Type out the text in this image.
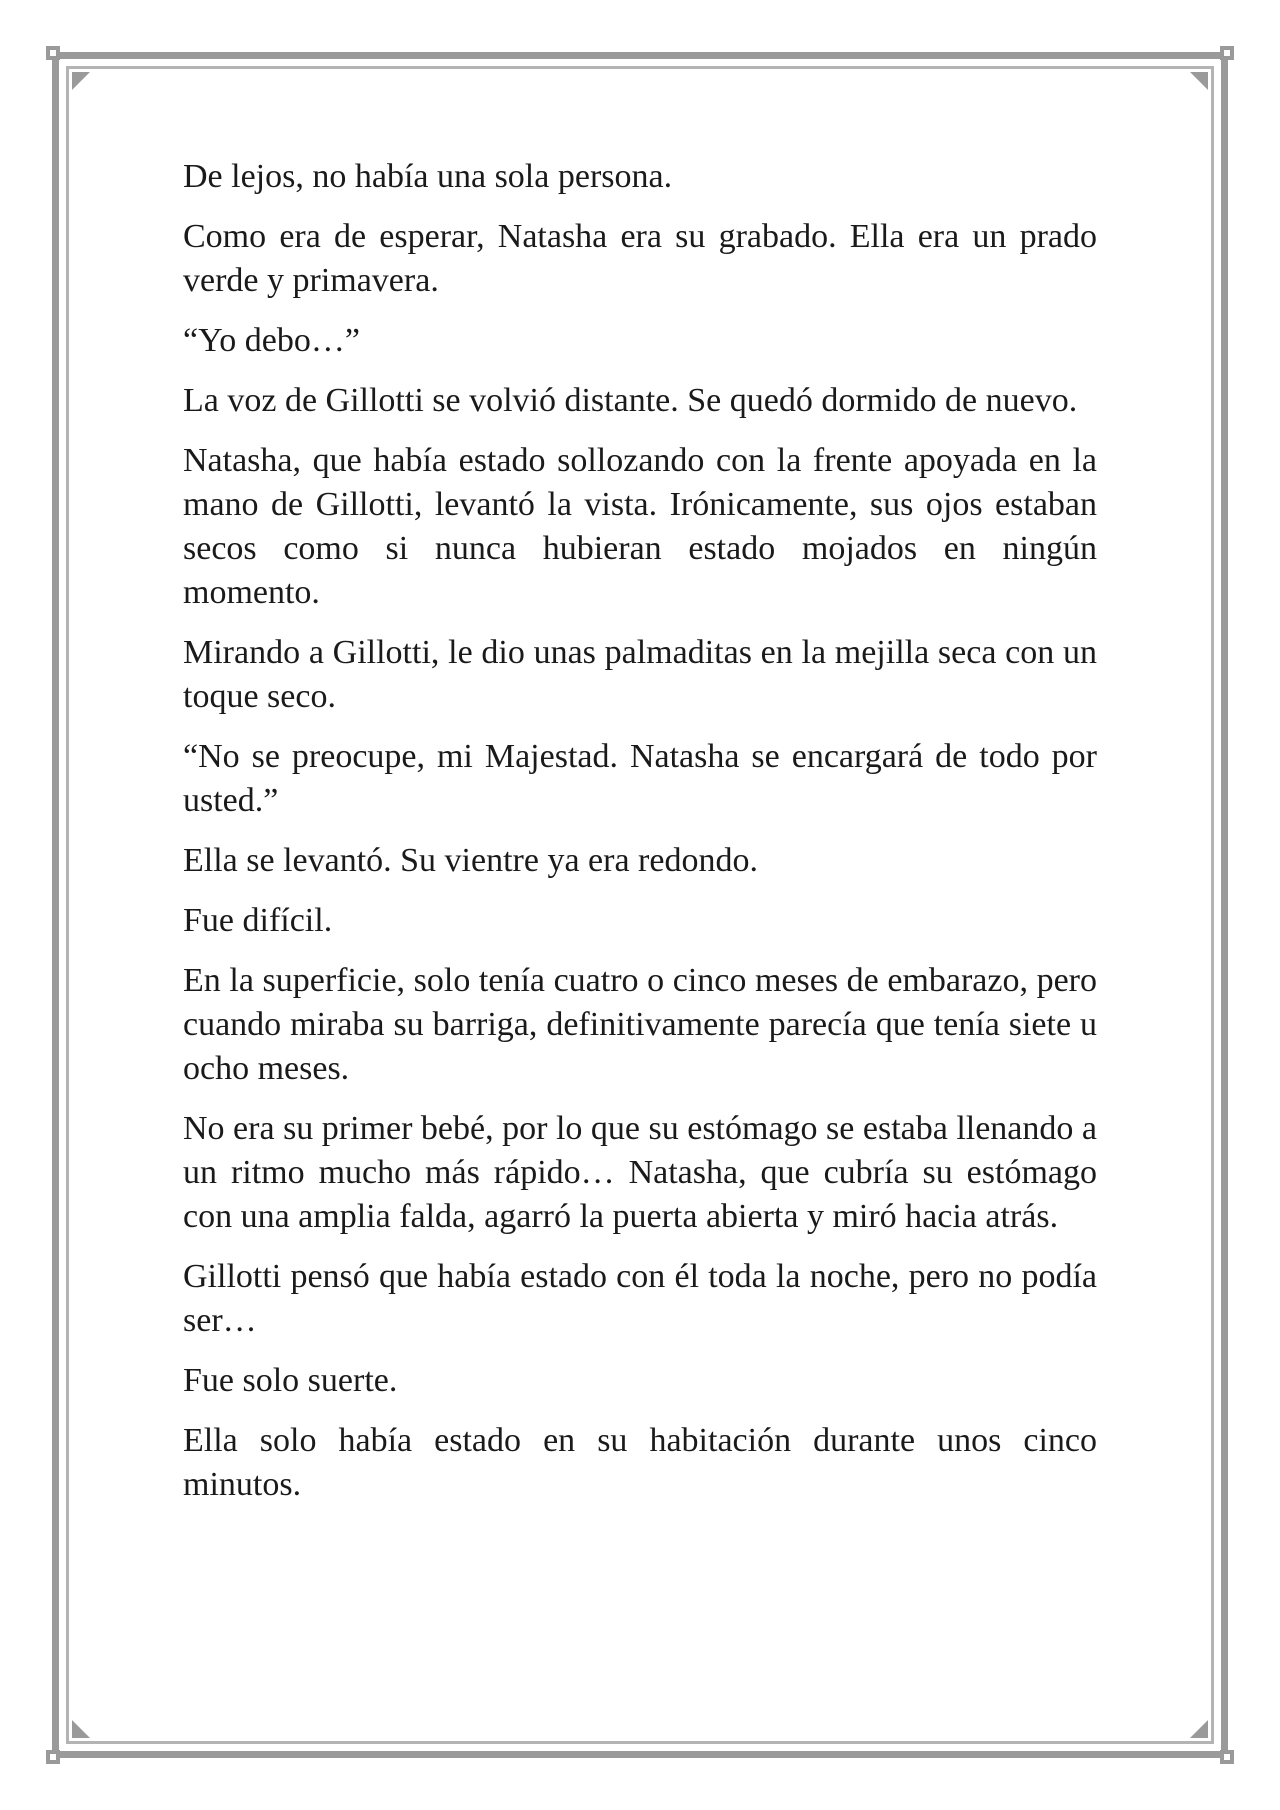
De lejos, no había una sola persona.

Como era de esperar, Natasha era su grabado. Ella era un prado verde y primavera.

“Yo debo…”

La voz de Gillotti se volvió distante. Se quedó dormido de nuevo.

Natasha, que había estado sollozando con la frente apoyada en la mano de Gillotti, levantó la vista. Irónicamente, sus ojos estaban secos como si nunca hubieran estado mojados en ningún momento.

Mirando a Gillotti, le dio unas palmaditas en la mejilla seca con un toque seco.

“No se preocupe, mi Majestad. Natasha se encargará de todo por usted.”

Ella se levantó. Su vientre ya era redondo.

Fue difícil.

En la superficie, solo tenía cuatro o cinco meses de embarazo, pero cuando miraba su barriga, definitivamente parecía que tenía siete u ocho meses.

No era su primer bebé, por lo que su estómago se estaba llenando a un ritmo mucho más rápido… Natasha, que cubría su estómago con una amplia falda, agarró la puerta abierta y miró hacia atrás.

Gillotti pensó que había estado con él toda la noche, pero no podía ser…

Fue solo suerte.

Ella solo había estado en su habitación durante unos cinco minutos.
